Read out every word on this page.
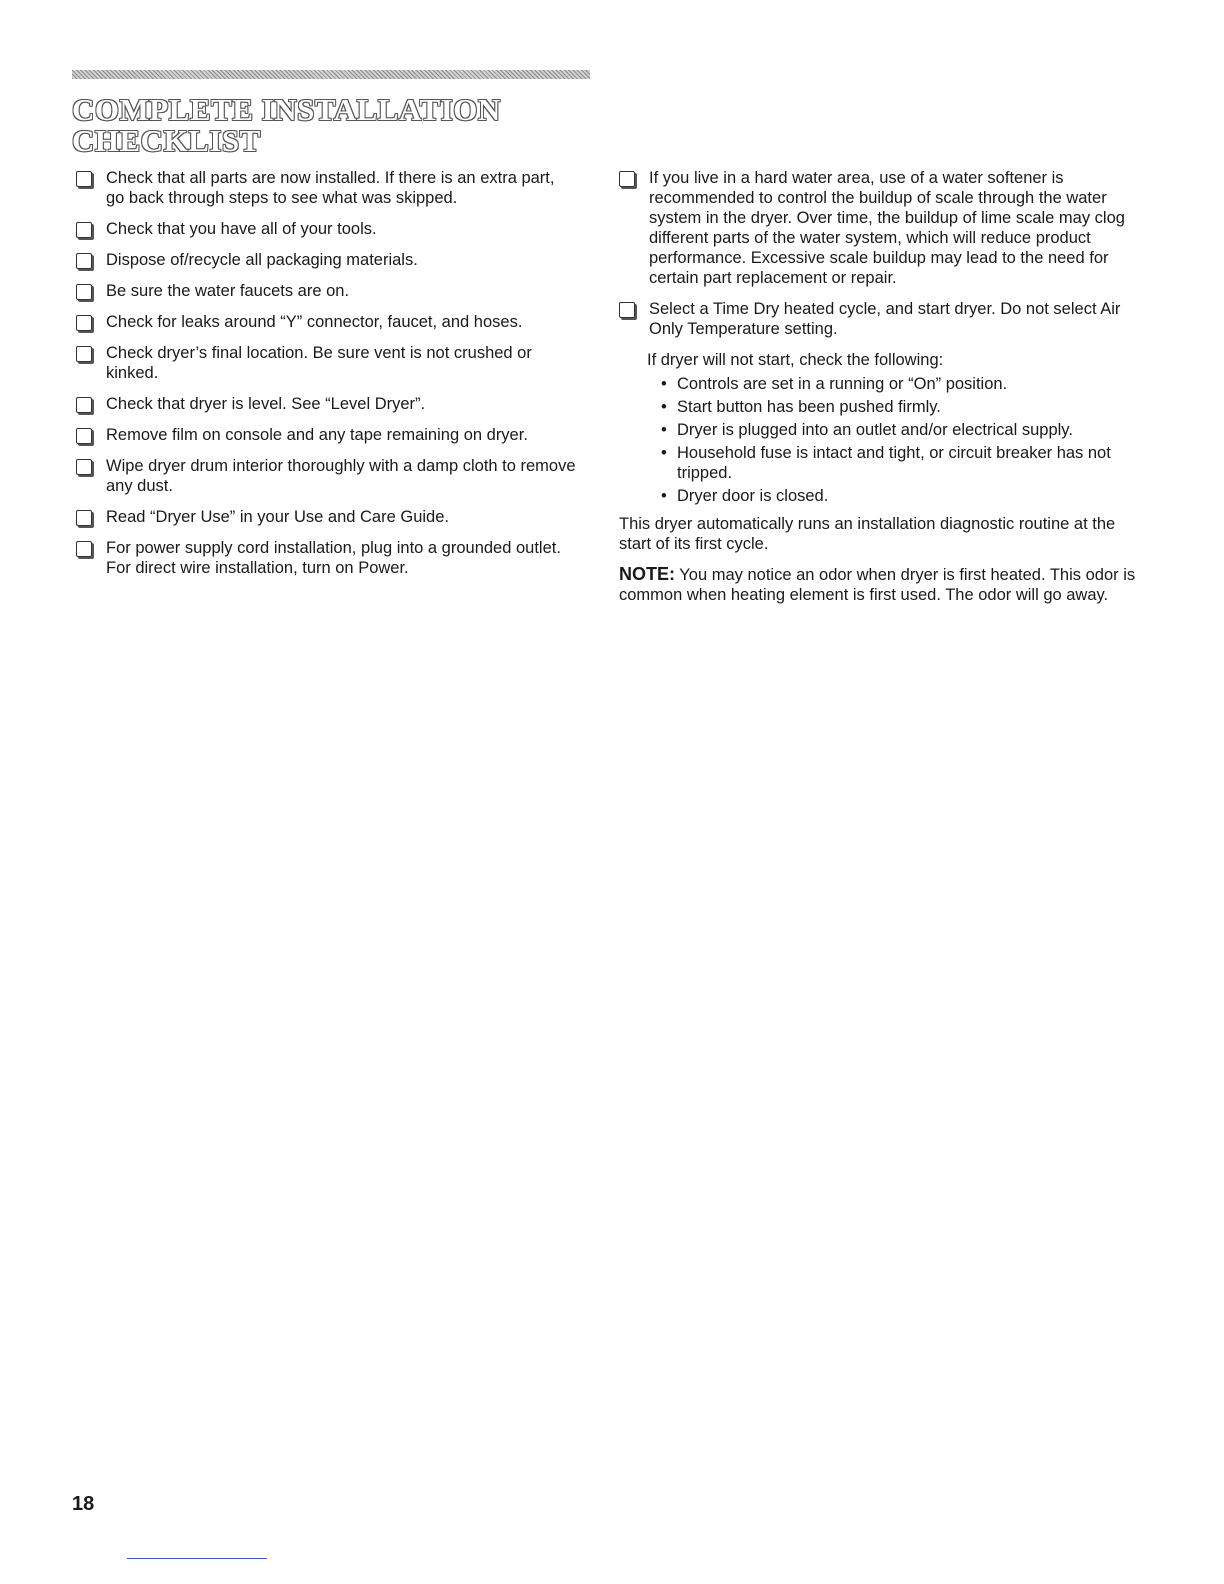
COMPLETE INSTALLATION
CHECKLIST
Check that all parts are now installed. If there is an extra part, go back through steps to see what was skipped.
Check that you have all of your tools.
Dispose of/recycle all packaging materials.
Be sure the water faucets are on.
Check for leaks around “Y” connector, faucet, and hoses.
Check dryer’s final location. Be sure vent is not crushed or kinked.
Check that dryer is level. See “Level Dryer”.
Remove film on console and any tape remaining on dryer.
Wipe dryer drum interior thoroughly with a damp cloth to remove any dust.
Read “Dryer Use” in your Use and Care Guide.
For power supply cord installation, plug into a grounded outlet. For direct wire installation, turn on Power.
If you live in a hard water area, use of a water softener is recommended to control the buildup of scale through the water system in the dryer. Over time, the buildup of lime scale may clog different parts of the water system, which will reduce product performance. Excessive scale buildup may lead to the need for certain part replacement or repair.
Select a Time Dry heated cycle, and start dryer. Do not select Air Only Temperature setting.
If dryer will not start, check the following:
• Controls are set in a running or “On” position.
• Start button has been pushed firmly.
• Dryer is plugged into an outlet and/or electrical supply.
• Household fuse is intact and tight, or circuit breaker has not tripped.
• Dryer door is closed.

This dryer automatically runs an installation diagnostic routine at the start of its first cycle.

NOTE: You may notice an odor when dryer is first heated. This odor is common when heating element is first used. The odor will go away.

18
